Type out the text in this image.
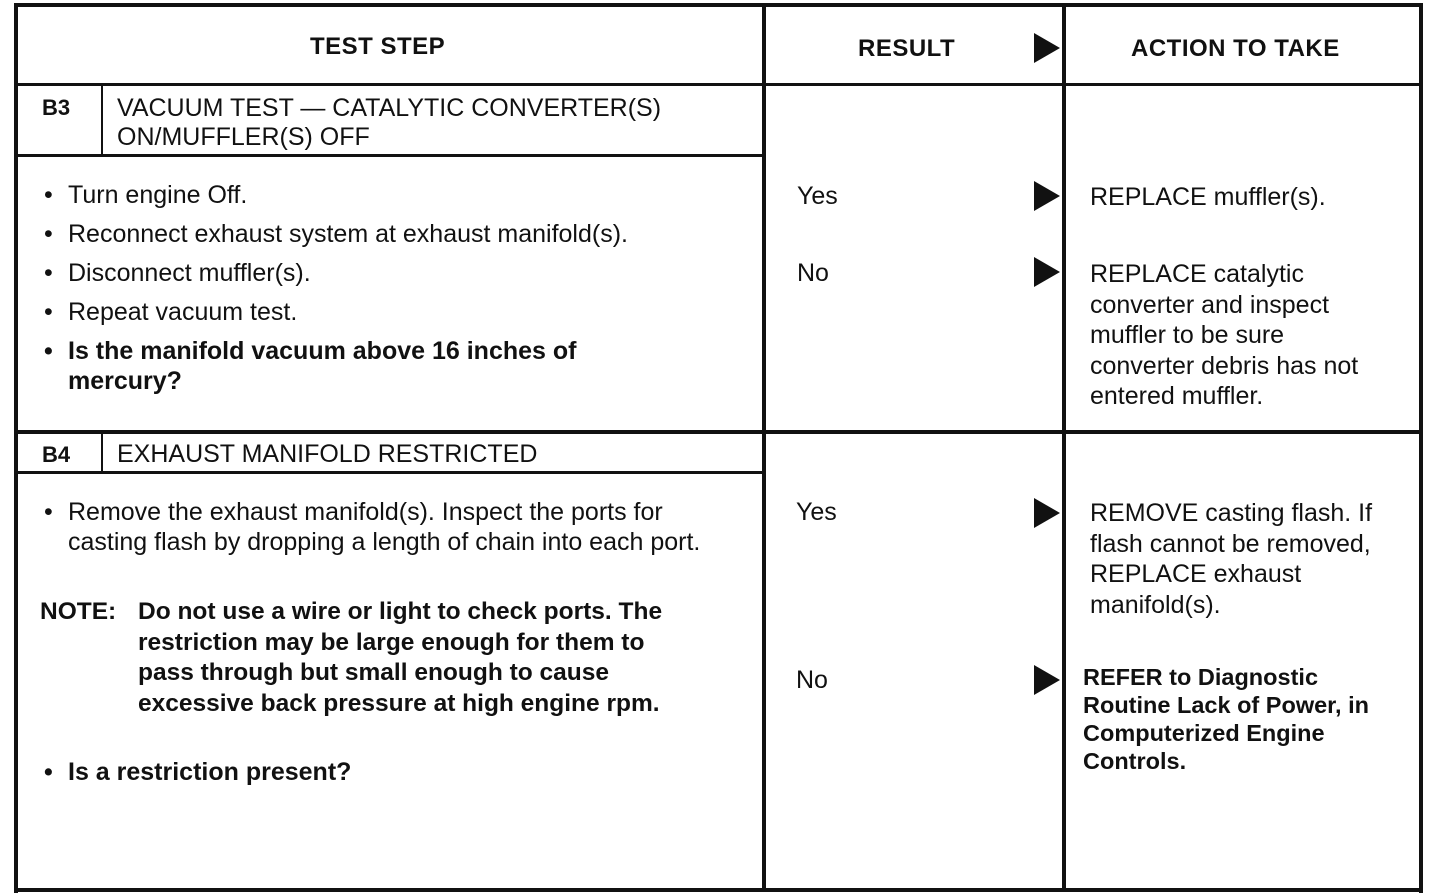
TEST STEP	RESULT	ACTION TO TAKE
B3 VACUUM TEST — CATALYTIC CONVERTER(S)
ON/MUFFLER(S) OFF
• Turn engine Off.
• Reconnect exhaust system at exhaust manifold(s).
• Disconnect muffler(s).
• Repeat vacuum test.
• Is the manifold vacuum above 16 inches of mercury?
Yes	REPLACE muffler(s).
No	REPLACE catalytic converter and inspect muffler to be sure converter debris has not entered muffler.
B4 EXHAUST MANIFOLD RESTRICTED
• Remove the exhaust manifold(s). Inspect the ports for casting flash by dropping a length of chain into each port.
NOTE: Do not use a wire or light to check ports. The restriction may be large enough for them to pass through but small enough to cause excessive back pressure at high engine rpm.
• Is a restriction present?
Yes	REMOVE casting flash. If flash cannot be removed, REPLACE exhaust manifold(s).
No	REFER to Diagnostic Routine Lack of Power, in Computerized Engine Controls.
